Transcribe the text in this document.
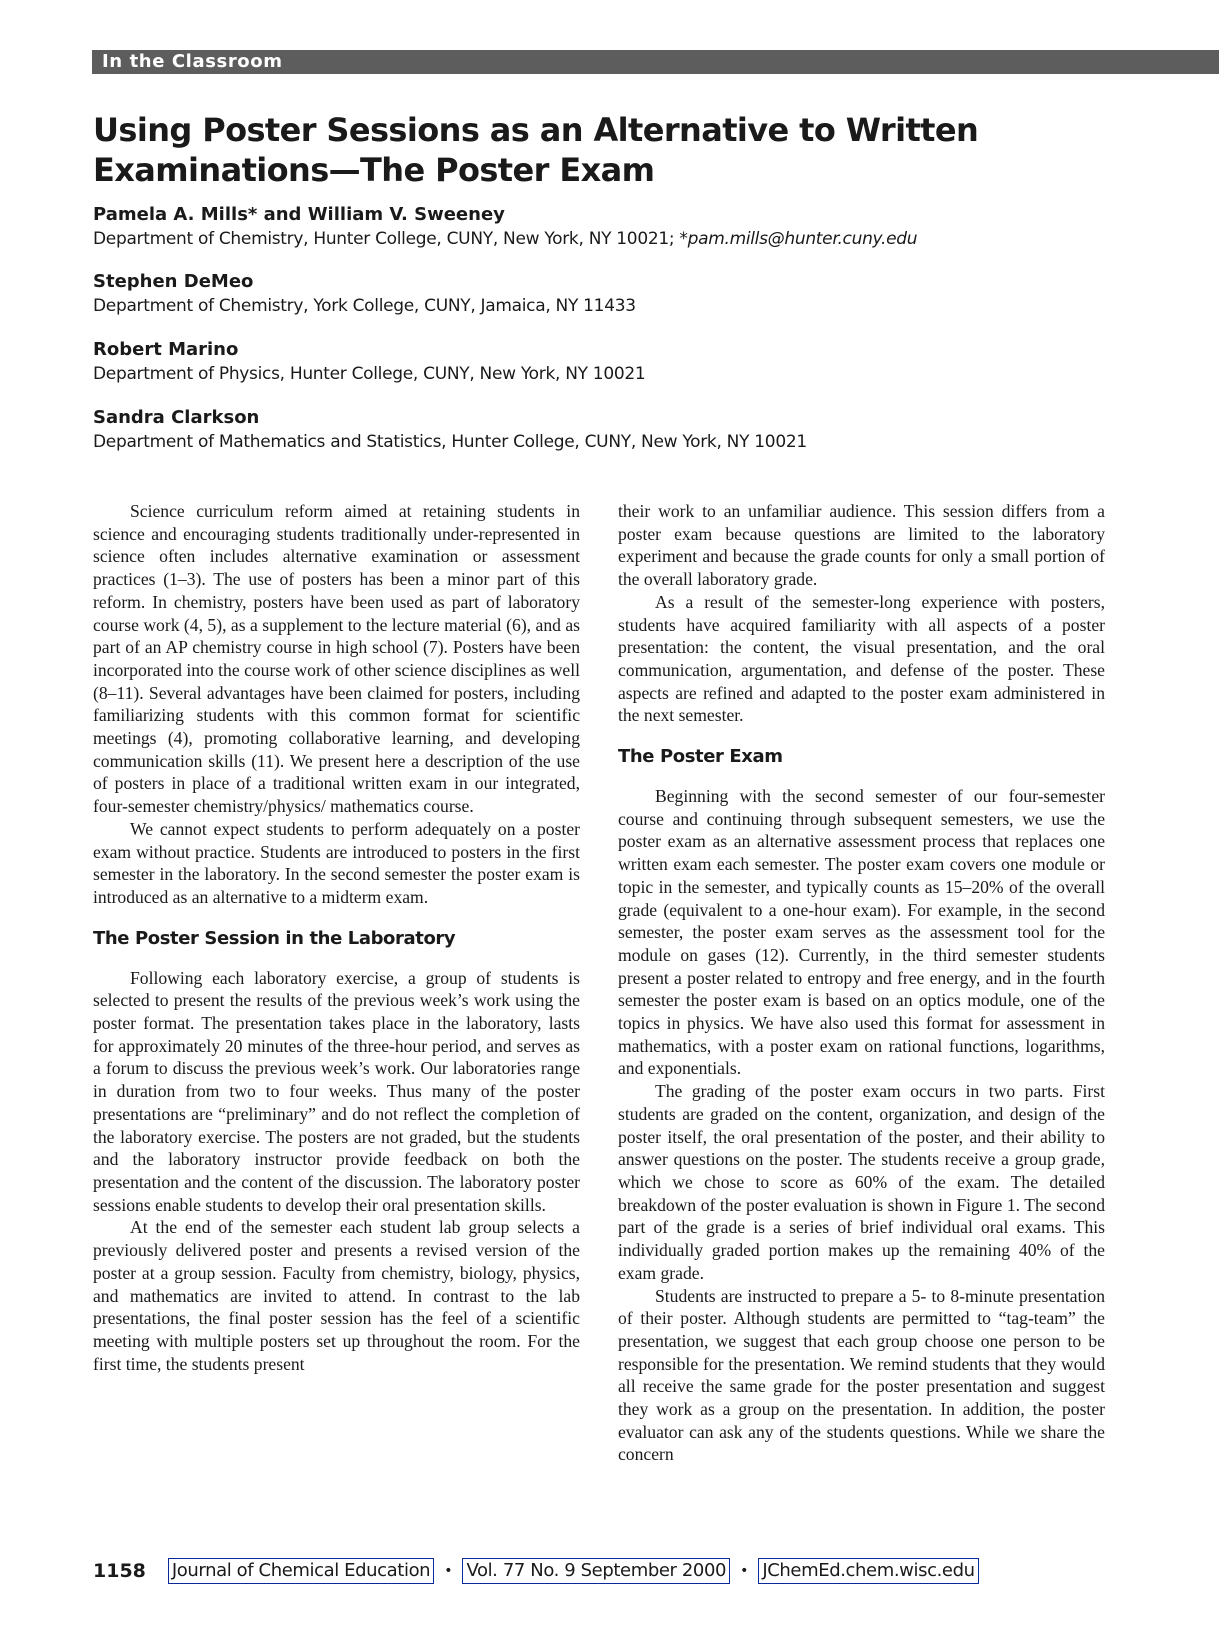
In the Classroom
Using Poster Sessions as an Alternative to Written Examinations—The Poster Exam
Pamela A. Mills* and William V. Sweeney
Department of Chemistry, Hunter College, CUNY, New York, NY 10021; *pam.mills@hunter.cuny.edu
Stephen DeMeo
Department of Chemistry, York College, CUNY, Jamaica, NY 11433
Robert Marino
Department of Physics, Hunter College, CUNY, New York, NY 10021
Sandra Clarkson
Department of Mathematics and Statistics, Hunter College, CUNY, New York, NY 10021

Science curriculum reform aimed at retaining students in science and encouraging students traditionally under-represented in science often includes alternative examination or assessment practices (1–3). The use of posters has been a minor part of this reform. In chemistry, posters have been used as part of laboratory course work (4, 5), as a supplement to the lecture material (6), and as part of an AP chemistry course in high school (7). Posters have been incorporated into the course work of other science disciplines as well (8–11). Several advantages have been claimed for posters, including familiarizing students with this common format for scientific meetings (4), promoting collaborative learning, and developing communication skills (11). We present here a description of the use of posters in place of a traditional written exam in our integrated, four-semester chemistry/physics/ mathematics course.

We cannot expect students to perform adequately on a poster exam without practice. Students are introduced to posters in the first semester in the laboratory. In the second semester the poster exam is introduced as an alternative to a midterm exam.

The Poster Session in the Laboratory

Following each laboratory exercise, a group of students is selected to present the results of the previous week’s work using the poster format. The presentation takes place in the laboratory, lasts for approximately 20 minutes of the three-hour period, and serves as a forum to discuss the previous week’s work. Our laboratories range in duration from two to four weeks. Thus many of the poster presentations are “preliminary” and do not reflect the completion of the laboratory exercise. The posters are not graded, but the students and the laboratory instructor provide feedback on both the presentation and the content of the discussion. The laboratory poster sessions enable students to develop their oral presentation skills.

At the end of the semester each student lab group selects a previously delivered poster and presents a revised version of the poster at a group session. Faculty from chemistry, biology, physics, and mathematics are invited to attend. In contrast to the lab presentations, the final poster session has the feel of a scientific meeting with multiple posters set up throughout the room. For the first time, the students present

their work to an unfamiliar audience. This session differs from a poster exam because questions are limited to the laboratory experiment and because the grade counts for only a small portion of the overall laboratory grade.

As a result of the semester-long experience with posters, students have acquired familiarity with all aspects of a poster presentation: the content, the visual presentation, and the oral communication, argumentation, and defense of the poster. These aspects are refined and adapted to the poster exam administered in the next semester.

The Poster Exam

Beginning with the second semester of our four-semester course and continuing through subsequent semesters, we use the poster exam as an alternative assessment process that replaces one written exam each semester. The poster exam covers one module or topic in the semester, and typically counts as 15–20% of the overall grade (equivalent to a one-hour exam). For example, in the second semester, the poster exam serves as the assessment tool for the module on gases (12). Currently, in the third semester students present a poster related to entropy and free energy, and in the fourth semester the poster exam is based on an optics module, one of the topics in physics. We have also used this format for assessment in mathematics, with a poster exam on rational functions, logarithms, and exponentials.

The grading of the poster exam occurs in two parts. First students are graded on the content, organization, and design of the poster itself, the oral presentation of the poster, and their ability to answer questions on the poster. The students receive a group grade, which we chose to score as 60% of the exam. The detailed breakdown of the poster evaluation is shown in Figure 1. The second part of the grade is a series of brief individual oral exams. This individually graded portion makes up the remaining 40% of the exam grade.

Students are instructed to prepare a 5- to 8-minute presentation of their poster. Although students are permitted to “tag-team” the presentation, we suggest that each group choose one person to be responsible for the presentation. We remind students that they would all receive the same grade for the poster presentation and suggest they work as a group on the presentation. In addition, the poster evaluator can ask any of the students questions. While we share the concern

1158 Journal of Chemical Education • Vol. 77 No. 9 September 2000 • JChemEd.chem.wisc.edu
